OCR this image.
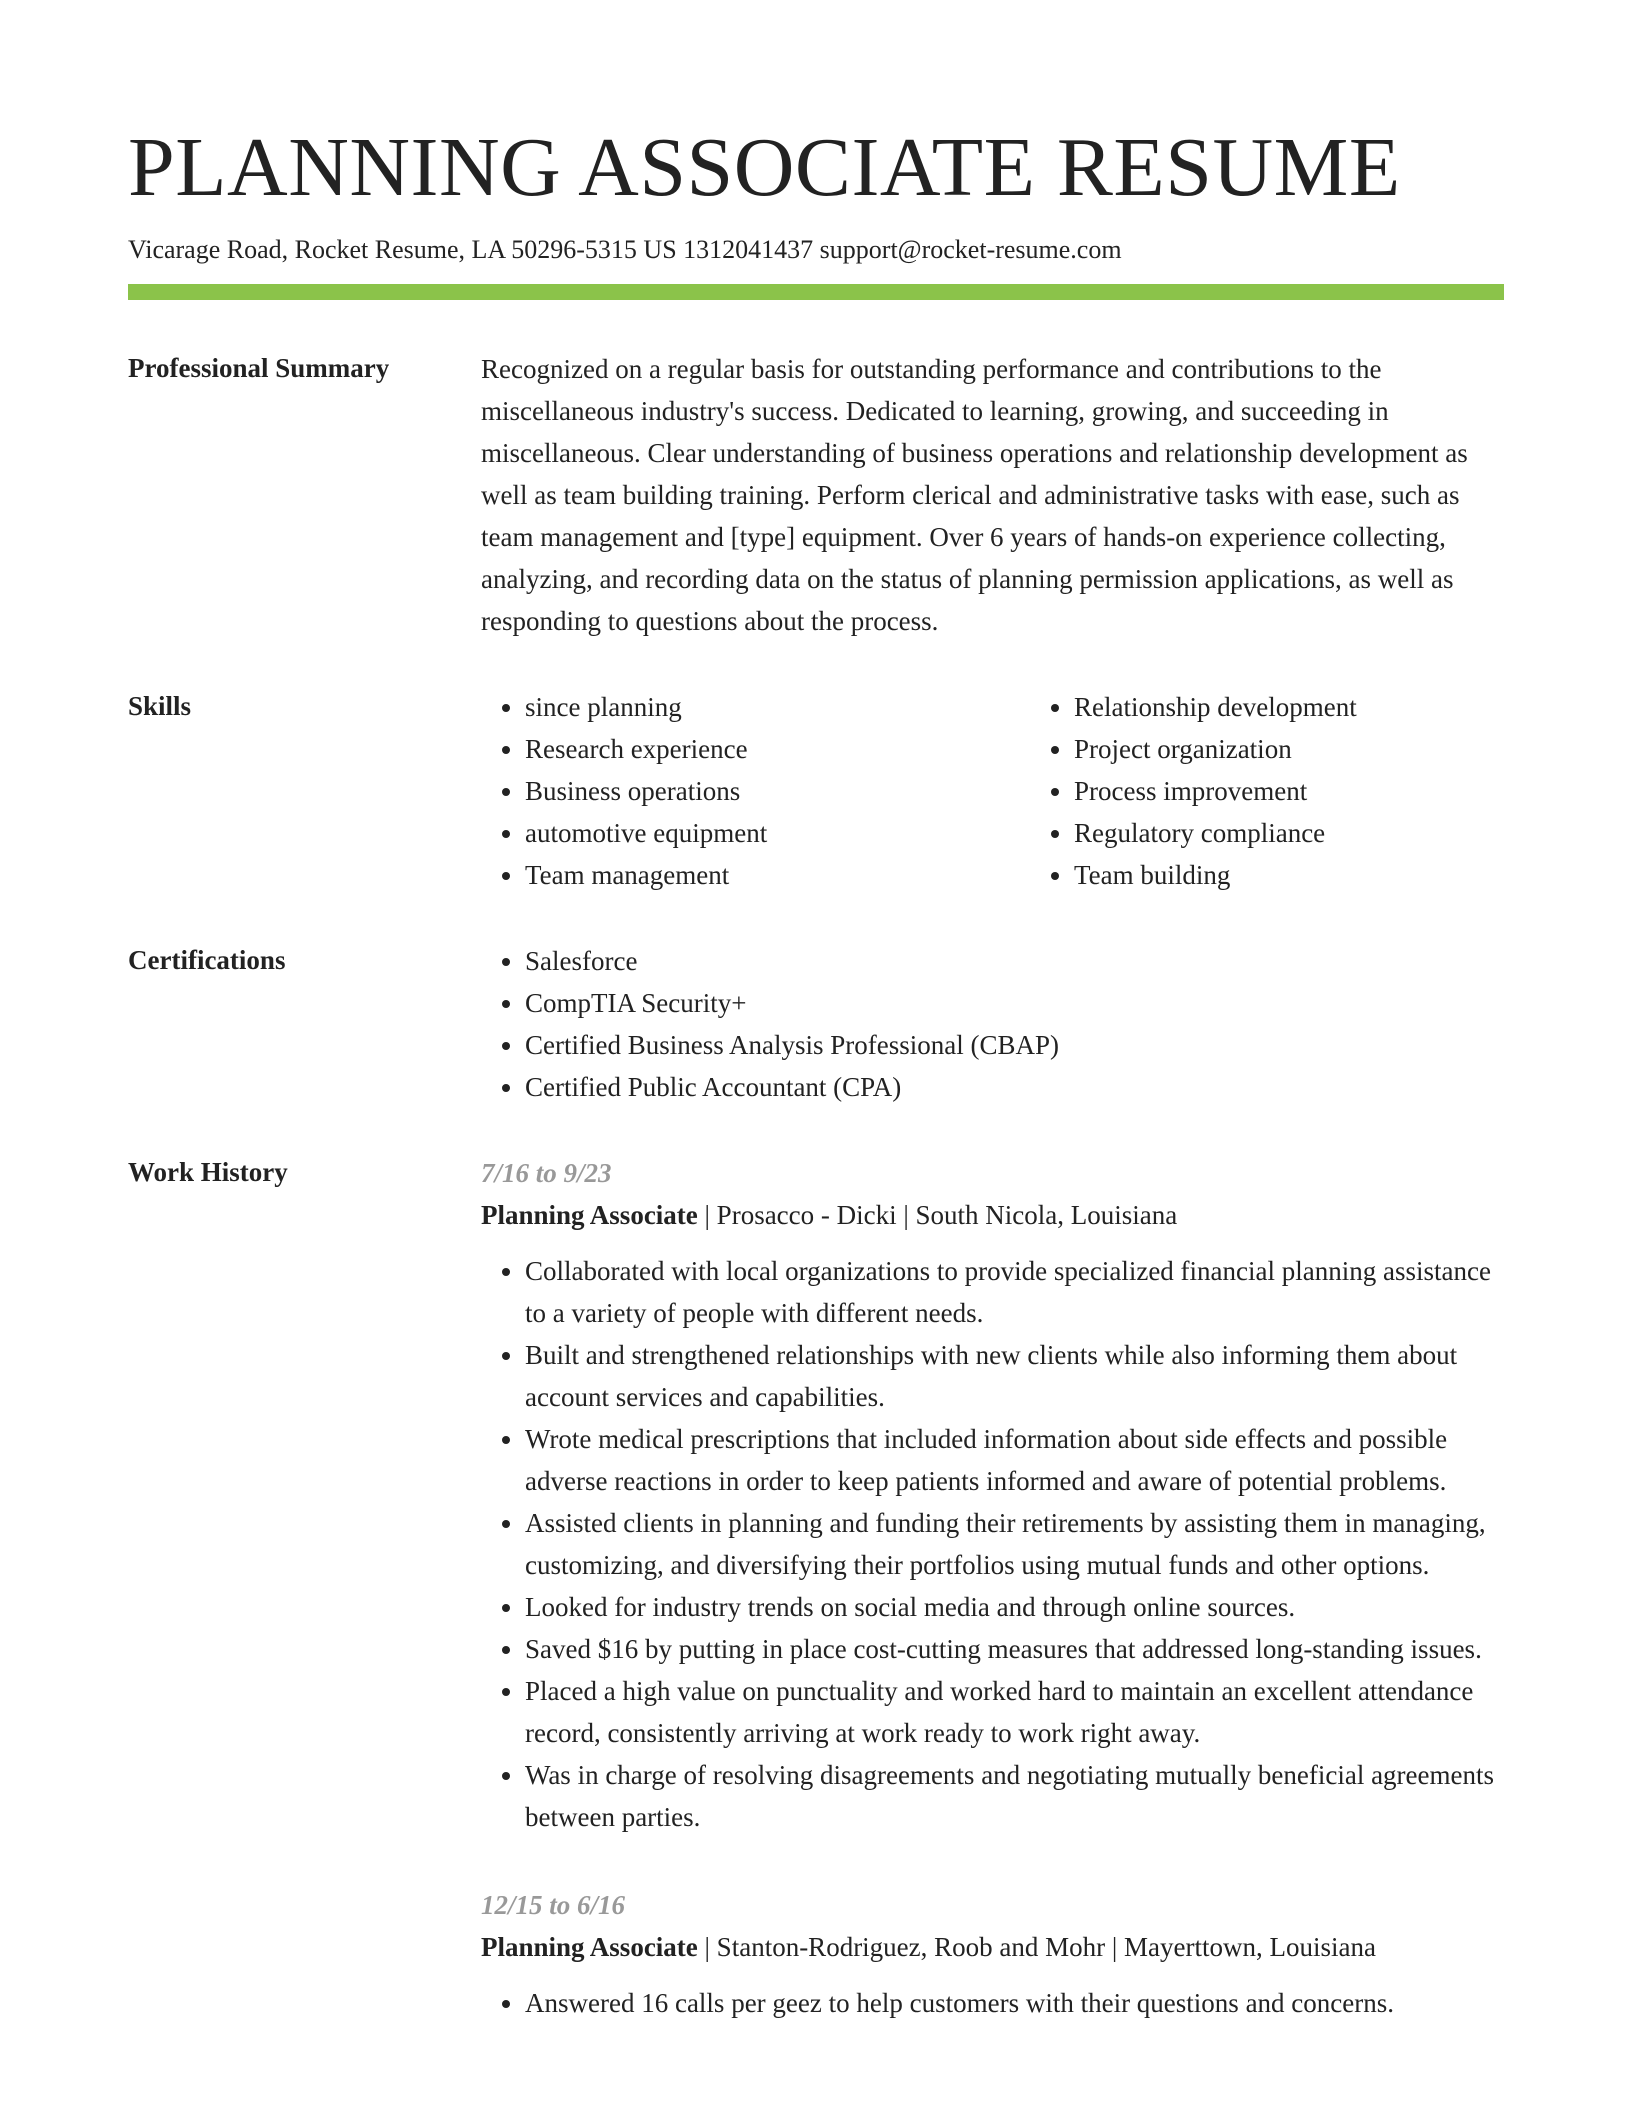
PLANNING ASSOCIATE RESUME
Vicarage Road, Rocket Resume, LA 50296-5315 US 1312041437 support@rocket-resume.com
Professional Summary	Recognized on a regular basis for outstanding performance and contributions to the miscellaneous industry's success. Dedicated to learning, growing, and succeeding in miscellaneous. Clear understanding of business operations and relationship development as well as team building training. Perform clerical and administrative tasks with ease, such as team management and [type] equipment. Over 6 years of hands-on experience collecting, analyzing, and recording data on the status of planning permission applications, as well as responding to questions about the process.

Skills	• since planning
• Research experience
• Business operations
• automotive equipment
• Team management
• Relationship development
• Project organization
• Process improvement
• Regulatory compliance
• Team building
Certifications	• Salesforce
• CompTIA Security+
• Certified Business Analysis Professional (CBAP)
• Certified Public Accountant (CPA)
Work History	7/16 to 9/23
Planning Associate | Prosacco - Dicki | South Nicola, Louisiana
• Collaborated with local organizations to provide specialized financial planning assistance to a variety of people with different needs.
• Built and strengthened relationships with new clients while also informing them about account services and capabilities.
• Wrote medical prescriptions that included information about side effects and possible adverse reactions in order to keep patients informed and aware of potential problems.
• Assisted clients in planning and funding their retirements by assisting them in managing, customizing, and diversifying their portfolios using mutual funds and other options.
• Looked for industry trends on social media and through online sources.
• Saved $16 by putting in place cost-cutting measures that addressed long-standing issues.
• Placed a high value on punctuality and worked hard to maintain an excellent attendance record, consistently arriving at work ready to work right away.
• Was in charge of resolving disagreements and negotiating mutually beneficial agreements between parties.
12/15 to 6/16
Planning Associate | Stanton-Rodriguez, Roob and Mohr | Mayerttown, Louisiana
• Answered 16 calls per geez to help customers with their questions and concerns.
